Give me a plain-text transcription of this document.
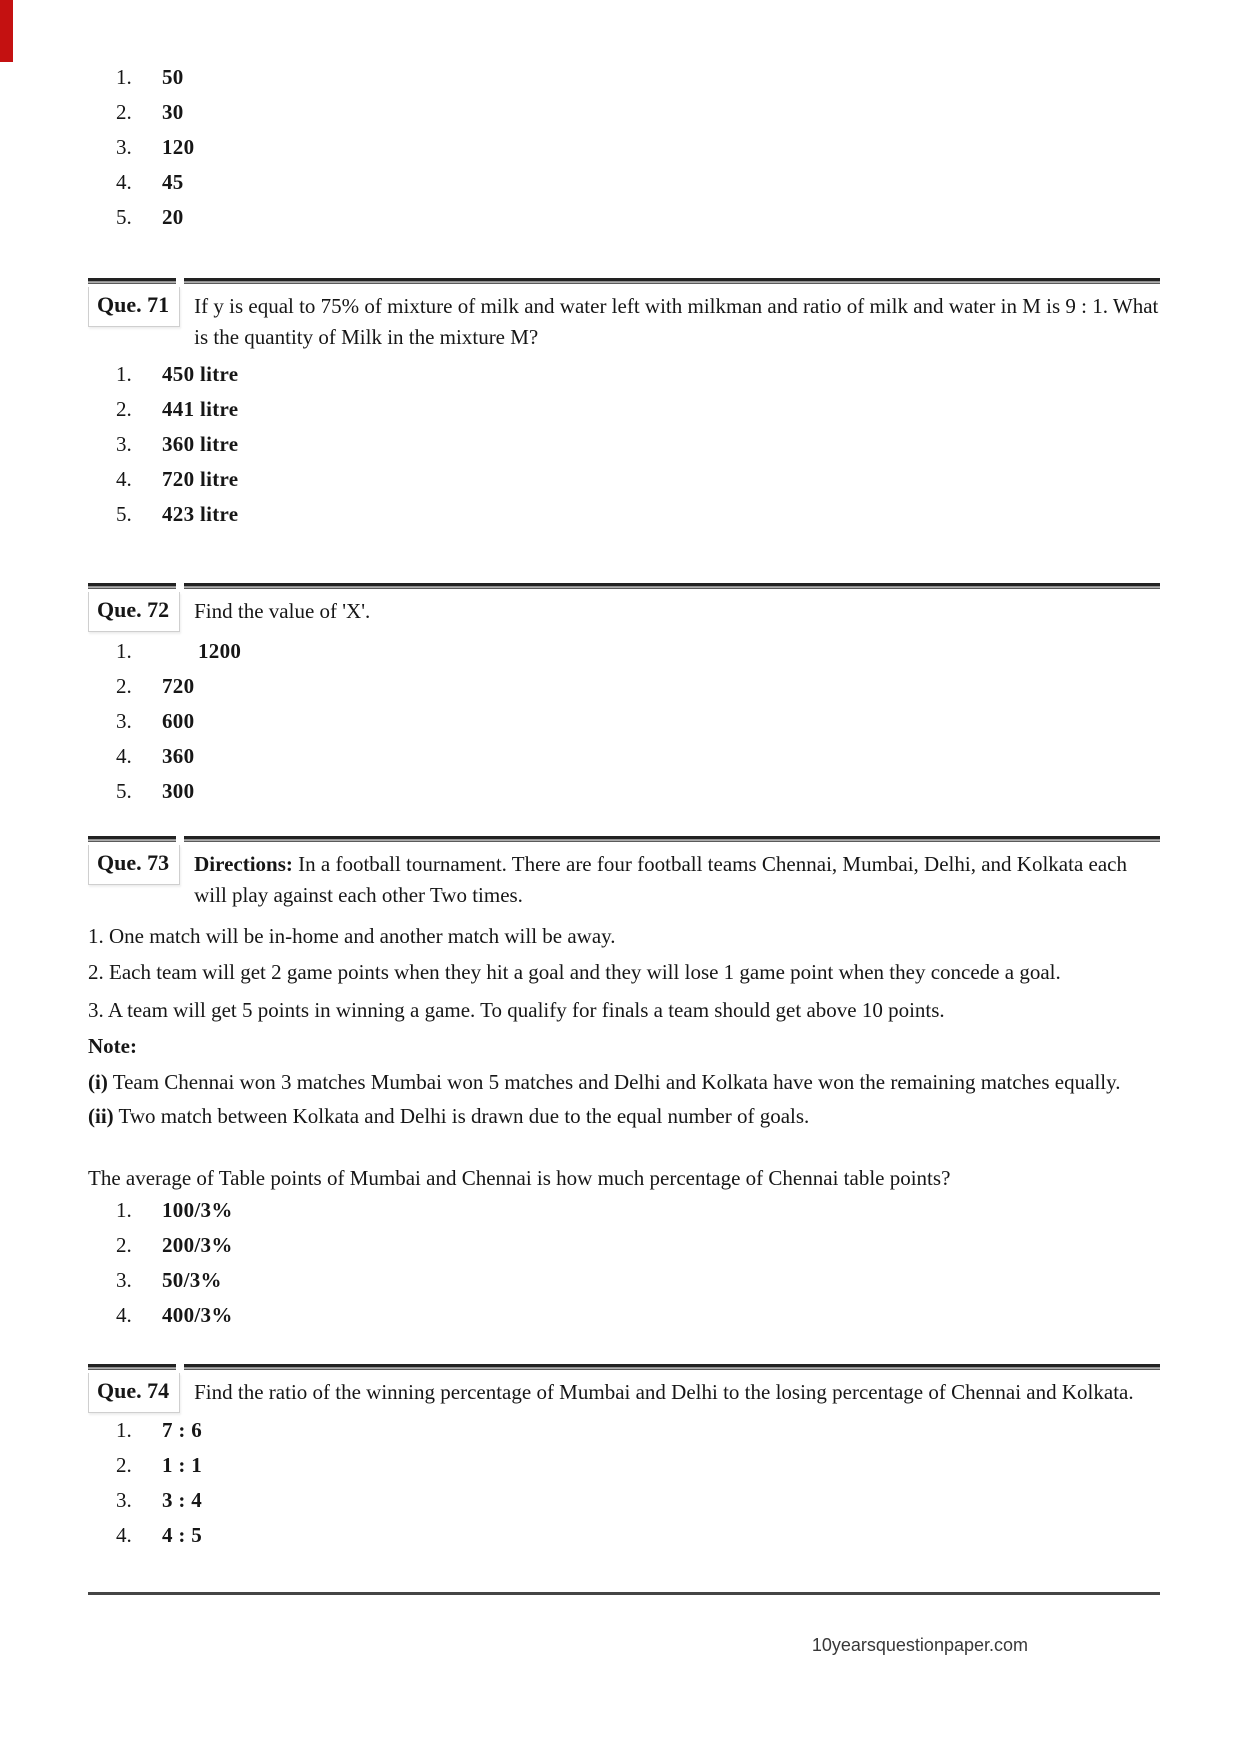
1.	50
2.	30
3.	120
4.	45
5.	20
Que. 71	If y is equal to 75% of mixture of milk and water left with milkman and ratio of milk and water in M is 9 : 1. What is the quantity of Milk in the mixture M?
1.	450 litre
2.	441 litre
3.	360 litre
4.	720 litre
5.	423 litre
Que. 72	Find the value of 'X'.
1.	1200
2.	720
3.	600
4.	360
5.	300
Que. 73	Directions: In a football tournament. There are four football teams Chennai, Mumbai, Delhi, and Kolkata each will play against each other Two times.

1. One match will be in-home and another match will be away.

2. Each team will get 2 game points when they hit a goal and they will lose 1 game point when they concede a goal.

3. A team will get 5 points in winning a game. To qualify for finals a team should get above 10 points.

Note:

(i) Team Chennai won 3 matches Mumbai won 5 matches and Delhi and Kolkata have won the remaining matches equally.

(ii) Two match between Kolkata and Delhi is drawn due to the equal number of goals.

The average of Table points of Mumbai and Chennai is how much percentage of Chennai table points?

1.	100/3%
2.	200/3%
3.	50/3%
4.	400/3%
Que. 74	Find the ratio of the winning percentage of Mumbai and Delhi to the losing percentage of Chennai and Kolkata.
1.	7 : 6
2.	1 : 1
3.	3 : 4
4.	4 : 5
10yearsquestionpaper.com
